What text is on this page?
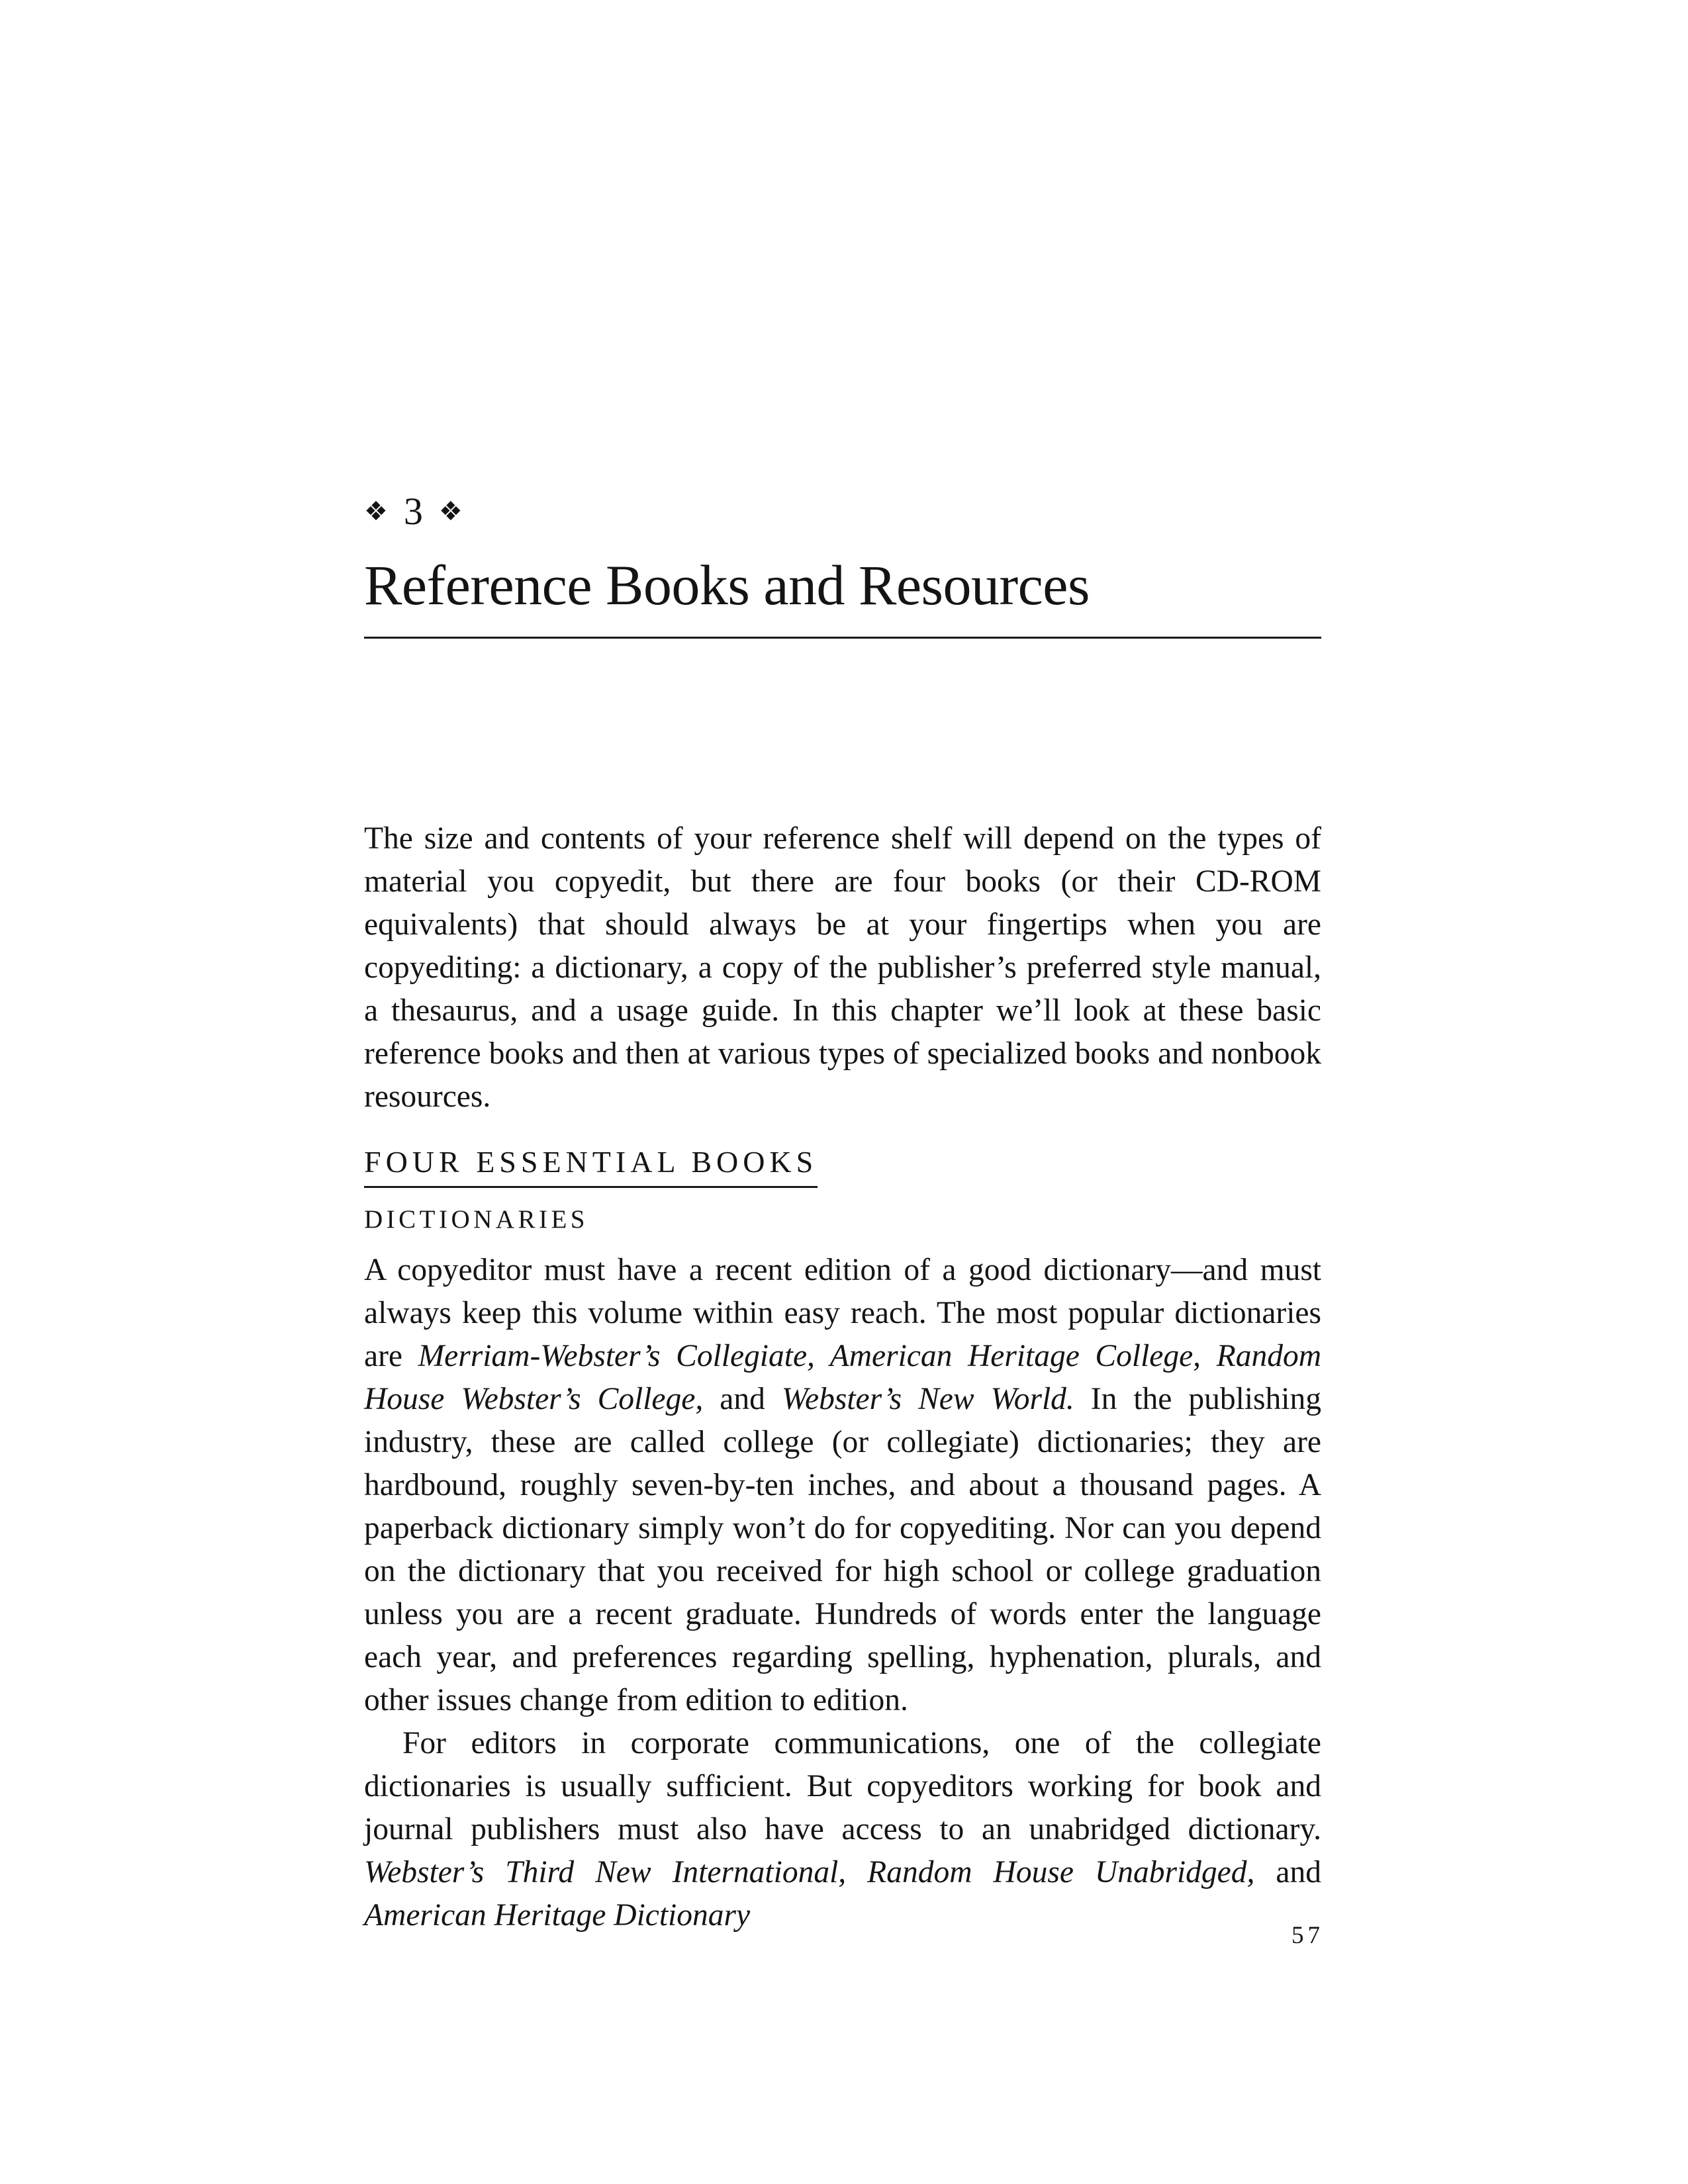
❖ 3 ❖
Reference Books and Resources

The size and contents of your reference shelf will depend on the types of material you copyedit, but there are four books (or their CD-ROM equivalents) that should always be at your fingertips when you are copyediting: a dictionary, a copy of the publisher’s preferred style manual, a thesaurus, and a usage guide. In this chapter we’ll look at these basic reference books and then at various types of specialized books and nonbook resources.

FOUR ESSENTIAL BOOKS
DICTIONARIES

A copyeditor must have a recent edition of a good dictionary—and must always keep this volume within easy reach. The most popular dictionaries are Merriam-Webster’s Collegiate, American Heritage College, Random House Webster’s College, and Webster’s New World. In the publishing industry, these are called college (or collegiate) dictionaries; they are hardbound, roughly seven-by-ten inches, and about a thousand pages. A paperback dictionary simply won’t do for copyediting. Nor can you depend on the dictionary that you received for high school or college graduation unless you are a recent graduate. Hundreds of words enter the language each year, and preferences regarding spelling, hyphenation, plurals, and other issues change from edition to edition.

For editors in corporate communications, one of the collegiate dictionaries is usually sufficient. But copyeditors working for book and journal publishers must also have access to an unabridged dictionary. Webster’s Third New International, Random House Unabridged, and American Heritage Dictionary

57
